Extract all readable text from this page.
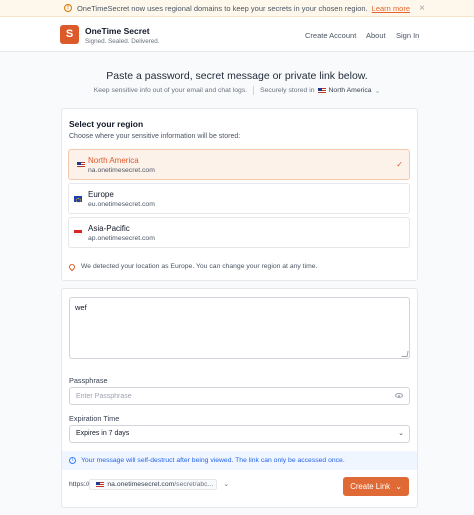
!	OneTimeSecret now uses regional domains to keep your secrets in your chosen region. Learn more ×
S	OneTime Secret
Signed. Sealed. Delivered.
Create Account About Sign In
Paste a password, secret message or private link below.
Keep sensitive info out of your email and chat logs. Securely stored in North America ⌄
Select your region
Choose where your sensitive information will be stored:
North America
na.onetimesecret.com
✓
Europe
eu.onetimesecret.com
Asia-Pacific
ap.onetimesecret.com
We detected your location as Europe. You can change your region at any time.
wef
Passphrase
Enter Passphrase
Expiration Time
Expires in 7 days	⌄
i	Your message will self-destruct after being viewed. The link can only be accessed once.
https://	na.onetimesecret.com /secret/abc... ⌄	Create Link ⌄
